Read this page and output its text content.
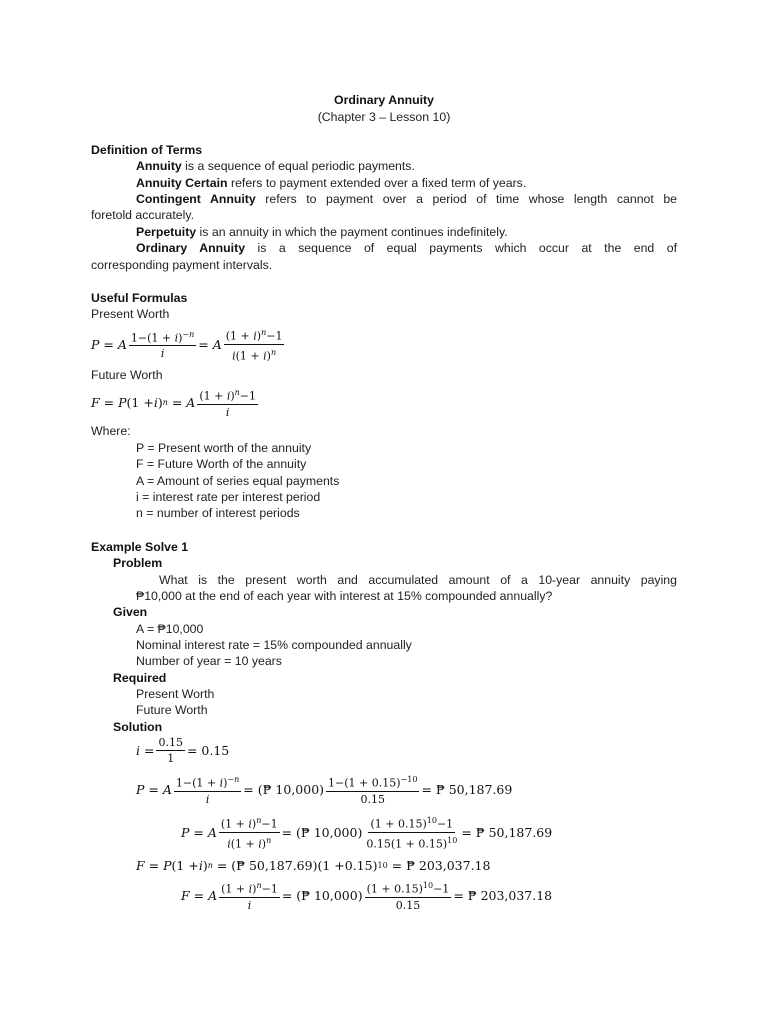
Ordinary Annuity
(Chapter 3 – Lesson 10)
Definition of Terms
Annuity is a sequence of equal periodic payments.
Annuity Certain refers to payment extended over a fixed term of years.
Contingent Annuity refers to payment over a period of time whose length cannot be
foretold accurately.
Perpetuity is an annuity in which the payment continues indefinitely.
Ordinary Annuity is a sequence of equal payments which occur at the end of
corresponding payment intervals.
Useful Formulas
Present Worth
P = A $\frac{1-(1 + i)^{-n}}{i} = A \frac{(1 + i)^n-1}{i(1 + i)^n}$
Future Worth
F = P (1 + i ) n = A $\frac{(1 + i)^n-1}{i}$
Where:
P = Present worth of the annuity
F = Future Worth of the annuity
A = Amount of series equal payments
i = interest rate per interest period
n = number of interest periods
Example Solve 1
Problem
What is the present worth and accumulated amount of a 10-year annuity paying
₱10,000 at the end of each year with interest at 15% compounded annually?
Given
A = ₱10,000
Nominal interest rate = 15% compounded annually
Number of year = 10 years
Required
Present Worth
Future Worth
Solution
$i = \frac{0.15}{1} = 0.15$
P = A $\frac{1-(1 + i)^{-n}}{i}$ = ( ₱ 10,000 ) $\frac{1-(1 + 0.15)^{-10}}{0.15}$ = ₱ 50,187.69
P = A $\frac{(1 + i)^n-1}{i(1 + i)^n}$ = ( ₱ 10,000 ) $\frac{(1 + 0.15)^{10}-1}{0.15(1 + 0.15)^{10}}$ = ₱ 50,187.69
F = P (1 + i ) n = ( ₱ 50,187.69 )(1 + 0.15 ) 10 = ₱ 203,037.18
F = A $\frac{(1 + i)^n-1}{i}$ = ( ₱ 10,000 ) $\frac{(1 + 0.15)^{10}-1}{0.15}$ = ₱ 203,037.18
